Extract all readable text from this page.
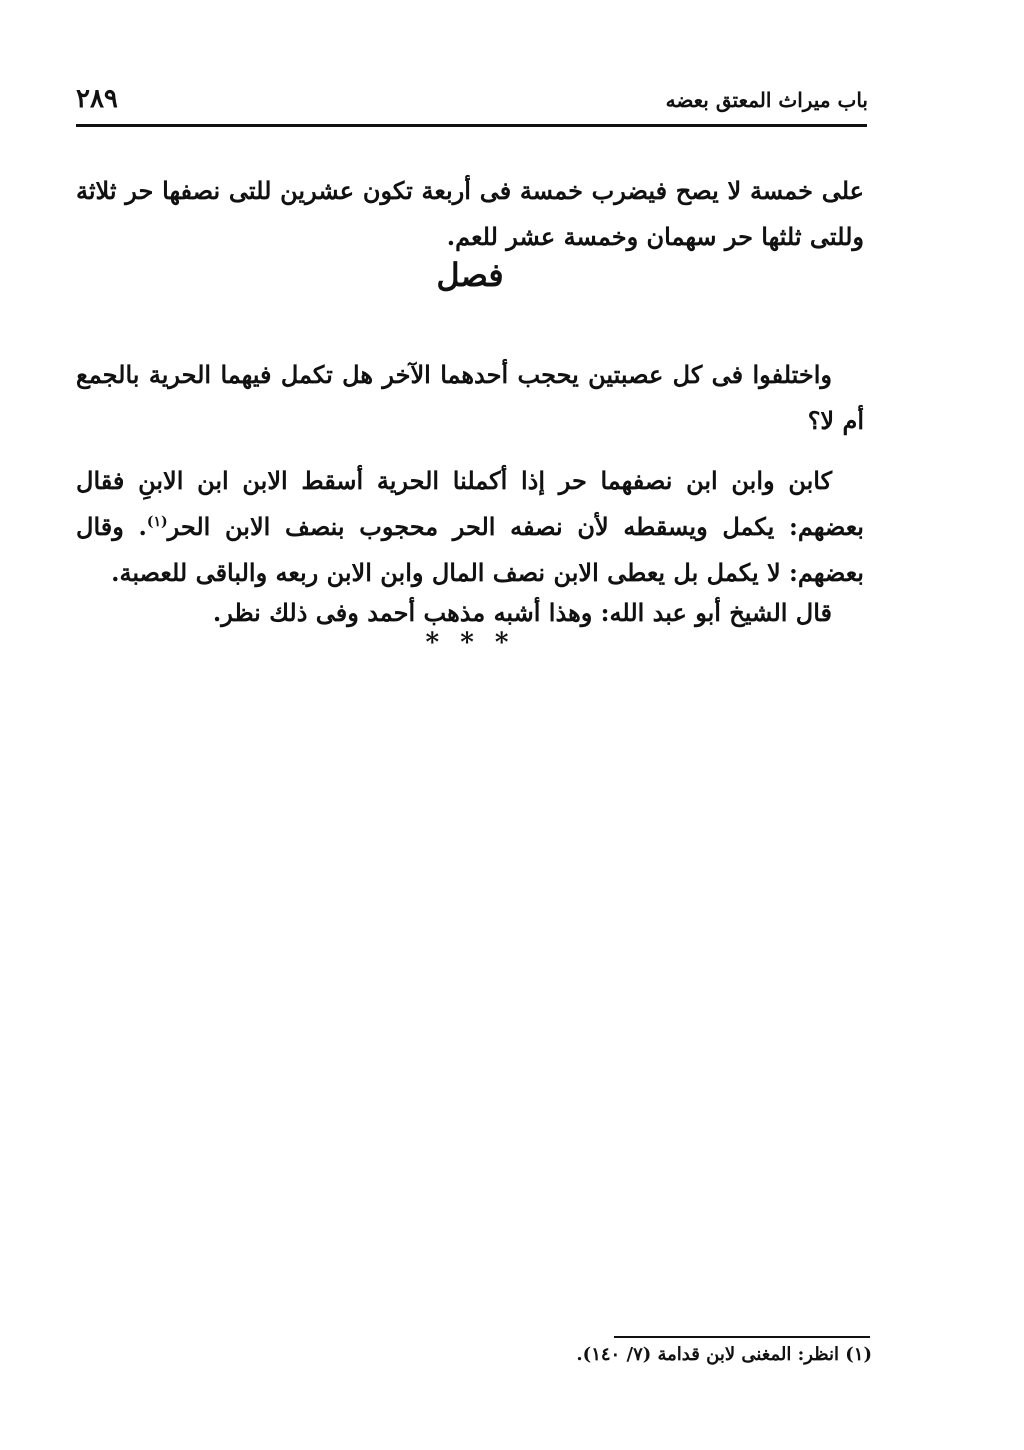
باب ميراث المعتق بعضه
٢٨٩

على خمسة لا يصح فيضرب خمسة فى أربعة تكون عشرين للتى نصفها حر ثلاثة وللتى ثلثها حر سهمان وخمسة عشر للعم.

فصل

واختلفوا فى كل عصبتين يحجب أحدهما الآخر هل تكمل فيهما الحرية بالجمع أم لا؟

كابن وابن ابن نصفهما حر إذا أكملنا الحرية أسقط الابن ابن الابنِ فقال بعضهم: يكمل ويسقطه لأن نصفه الحر محجوب بنصف الابن الحر$^{(١)}$. وقال بعضهم: لا يكمل بل يعطى الابن نصف المال وابن الابن ربعه والباقى للعصبة.

قال الشيخ أبو عبد الله: وهذا أشبه مذهب أحمد وفى ذلك نظر.

* * *
(١) انظر: المغنى لابن قدامة (٧/ ١٤٠).
